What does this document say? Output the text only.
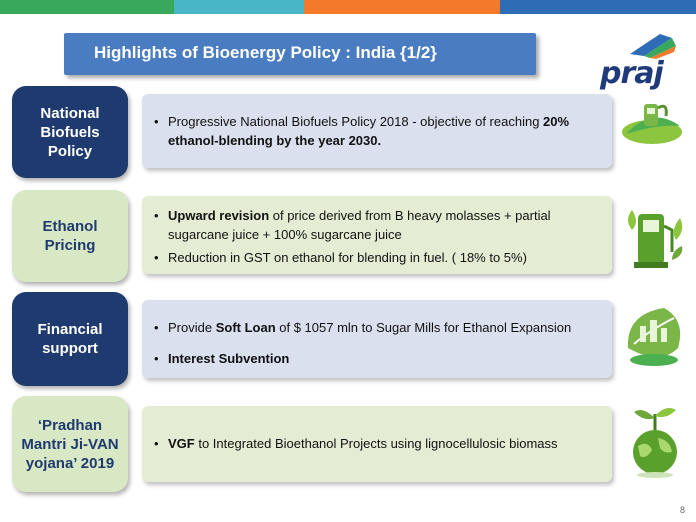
Highlights of Bioenergy Policy : India {1/2}
praj
National
Biofuels
Policy
• Progressive National Biofuels Policy 2018 - objective of reaching 20% ethanol-blending by the year 2030.
Ethanol
Pricing
• Upward revision of price derived from B heavy molasses + partial sugarcane juice + 100% sugarcane juice
• Reduction in GST on ethanol for blending in fuel. ( 18% to 5%)
Financial
support
• Provide Soft Loan of $ 1057 mln to Sugar Mills for Ethanol Expansion
• Interest Subvention
‘Pradhan
Mantri Ji-VAN
yojana’ 2019
• VGF to Integrated Bioethanol Projects using lignocellulosic biomass
8
